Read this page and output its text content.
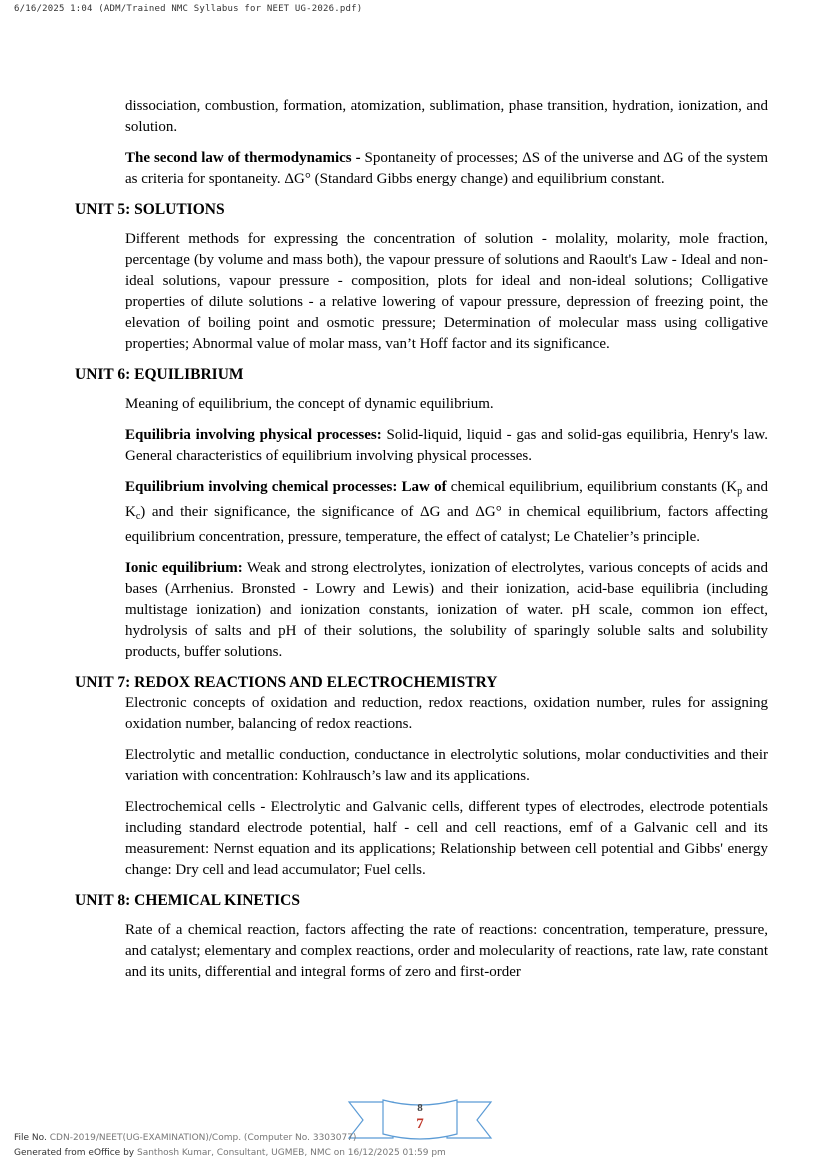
6/16/2025 1:04 (ADM/Trained NMC Syllabus for NEET UG-2026.pdf)

dissociation, combustion, formation, atomization, sublimation, phase transition, hydration, ionization, and solution.

The second law of thermodynamics - Spontaneity of processes; ΔS of the universe and ΔG of the system as criteria for spontaneity. ΔG° (Standard Gibbs energy change) and equilibrium constant.

UNIT 5: SOLUTIONS

Different methods for expressing the concentration of solution - molality, molarity, mole fraction, percentage (by volume and mass both), the vapour pressure of solutions and Raoult's Law - Ideal and non-ideal solutions, vapour pressure - composition, plots for ideal and non-ideal solutions; Colligative properties of dilute solutions - a relative lowering of vapour pressure, depression of freezing point, the elevation of boiling point and osmotic pressure; Determination of molecular mass using colligative properties; Abnormal value of molar mass, van’t Hoff factor and its significance.

UNIT 6: EQUILIBRIUM

Meaning of equilibrium, the concept of dynamic equilibrium.

Equilibria involving physical processes: Solid-liquid, liquid - gas and solid-gas equilibria, Henry's law. General characteristics of equilibrium involving physical processes.

Equilibrium involving chemical processes: Law of chemical equilibrium, equilibrium constants ($K_p$ and $K_c$) and their significance, the significance of ΔG and ΔG° in chemical equilibrium, factors affecting equilibrium concentration, pressure, temperature, the effect of catalyst; Le Chatelier’s principle.

Ionic equilibrium: Weak and strong electrolytes, ionization of electrolytes, various concepts of acids and bases (Arrhenius. Bronsted - Lowry and Lewis) and their ionization, acid-base equilibria (including multistage ionization) and ionization constants, ionization of water. pH scale, common ion effect, hydrolysis of salts and pH of their solutions, the solubility of sparingly soluble salts and solubility products, buffer solutions.

UNIT 7: REDOX REACTIONS AND ELECTROCHEMISTRY

Electronic concepts of oxidation and reduction, redox reactions, oxidation number, rules for assigning oxidation number, balancing of redox reactions.

Electrolytic and metallic conduction, conductance in electrolytic solutions, molar conductivities and their variation with concentration: Kohlrausch’s law and its applications.

Electrochemical cells - Electrolytic and Galvanic cells, different types of electrodes, electrode potentials including standard electrode potential, half - cell and cell reactions, emf of a Galvanic cell and its measurement: Nernst equation and its applications; Relationship between cell potential and Gibbs' energy change: Dry cell and lead accumulator; Fuel cells.

UNIT 8: CHEMICAL KINETICS

Rate of a chemical reaction, factors affecting the rate of reactions: concentration, temperature, pressure, and catalyst; elementary and complex reactions, order and molecularity of reactions, rate law, rate constant and its units, differential and integral forms of zero and first-order

8
7
File No. CDN-2019/NEET(UG-EXAMINATION)/Comp. (Computer No. 3303077)
Generated from eOffice by Santhosh Kumar, Consultant, UGMEB, NMC on 16/12/2025 01:59 pm
